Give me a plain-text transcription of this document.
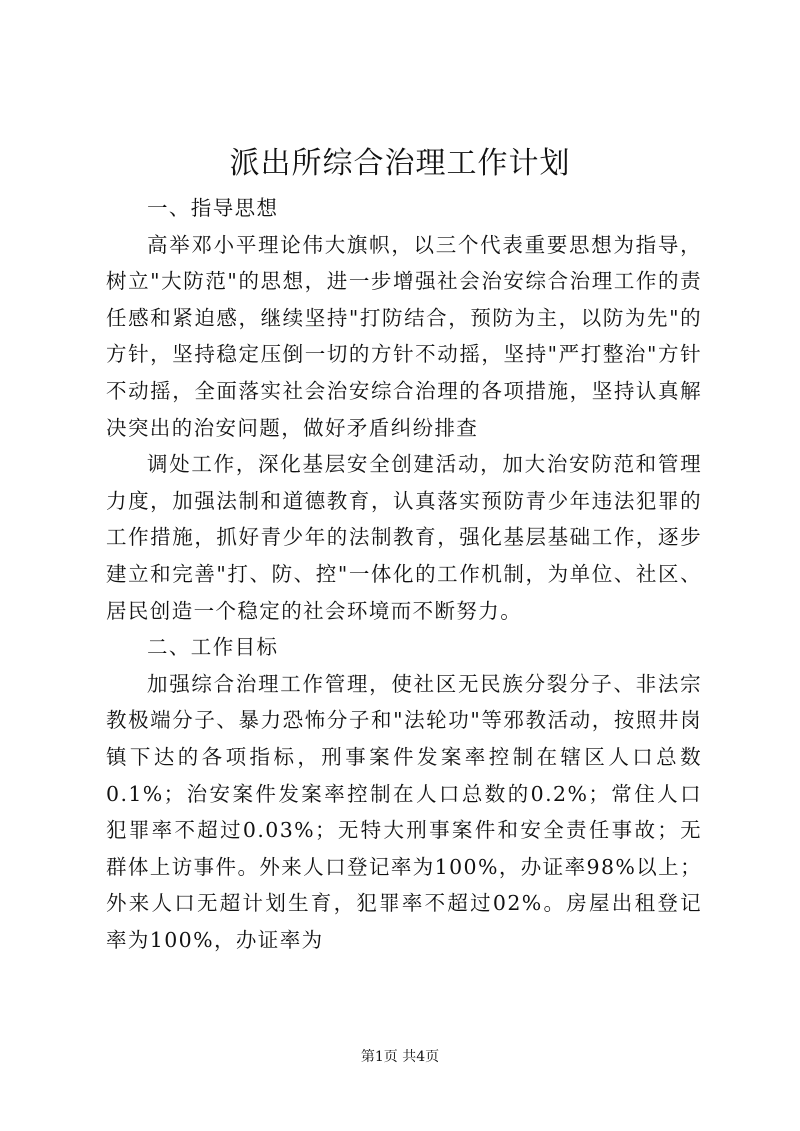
派出所综合治理工作计划

一、指导思想

高举邓小平理论伟大旗帜，以三个代表重要思想为指导，树立"大防范"的思想，进一步增强社会治安综合治理工作的责任感和紧迫感，继续坚持"打防结合，预防为主，以防为先"的方针，坚持稳定压倒一切的方针不动摇，坚持"严打整治"方针不动摇，全面落实社会治安综合治理的各项措施，坚持认真解决突出的治安问题，做好矛盾纠纷排查

调处工作，深化基层安全创建活动，加大治安防范和管理力度，加强法制和道德教育，认真落实预防青少年违法犯罪的工作措施，抓好青少年的法制教育，强化基层基础工作，逐步建立和完善"打、防、控"一体化的工作机制，为单位、社区、居民创造一个稳定的社会环境而不断努力。

二、工作目标

加强综合治理工作管理，使社区无民族分裂分子、非法宗教极端分子、暴力恐怖分子和"法轮功"等邪教活动，按照井岗镇下达的各项指标，刑事案件发案率控制在辖区人口总数0.1%；治安案件发案率控制在人口总数的0.2%；常住人口犯罪率不超过0.03%；无特大刑事案件和安全责任事故；无群体上访事件。外来人口登记率为100%，办证率98%以上；外来人口无超计划生育，犯罪率不超过02%。房屋出租登记率为100%，办证率为

第1页 共4页
